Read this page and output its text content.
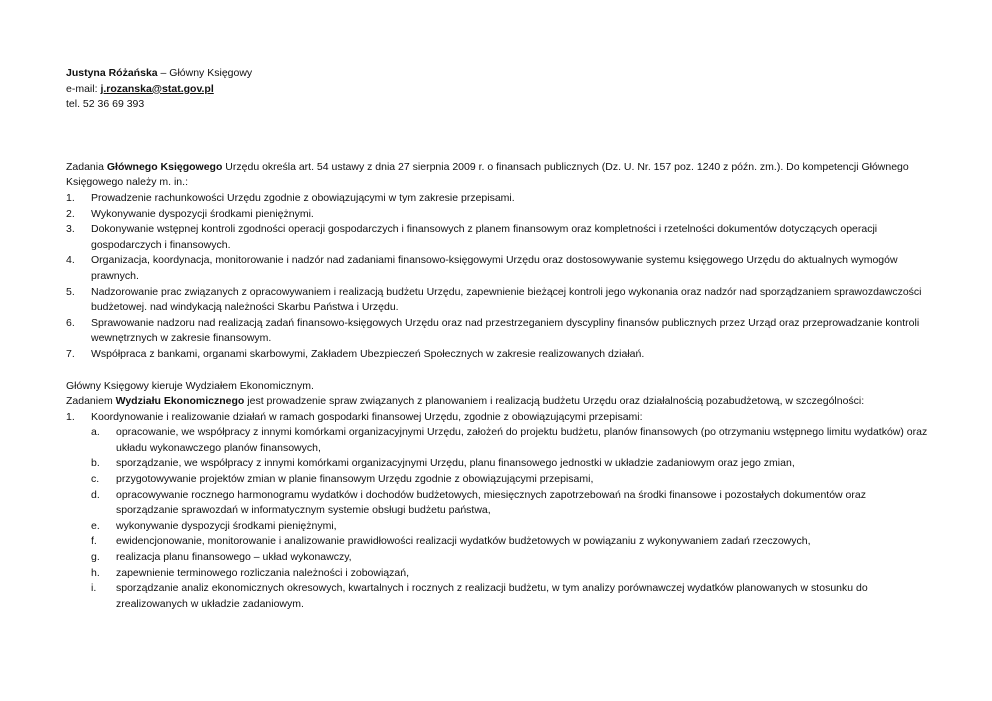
Justyna Różańska – Główny Księgowy
e-mail: j.rozanska@stat.gov.pl
tel. 52 36 69 393
Zadania Głównego Księgowego Urzędu określa art. 54 ustawy z dnia 27 sierpnia 2009 r. o finansach publicznych (Dz. U. Nr. 157 poz. 1240 z późn. zm.). Do kompetencji Głównego Księgowego należy m. in.:
1.	Prowadzenie rachunkowości Urzędu zgodnie z obowiązującymi w tym zakresie przepisami.
2.	Wykonywanie dyspozycji środkami pieniężnymi.
3.	Dokonywanie wstępnej kontroli zgodności operacji gospodarczych i finansowych z planem finansowym oraz kompletności i rzetelności dokumentów dotyczących operacji gospodarczych i finansowych.
4.	Organizacja, koordynacja, monitorowanie i nadzór nad zadaniami finansowo-księgowymi Urzędu oraz dostosowywanie systemu księgowego Urzędu do aktualnych wymogów prawnych.
5.	Nadzorowanie prac związanych z opracowywaniem i realizacją budżetu Urzędu, zapewnienie bieżącej kontroli jego wykonania oraz nadzór nad sporządzaniem sprawozdawczości budżetowej. nad windykacją należności Skarbu Państwa i Urzędu.
6.	Sprawowanie nadzoru nad realizacją zadań finansowo-księgowych Urzędu oraz nad przestrzeganiem dyscypliny finansów publicznych przez Urząd oraz przeprowadzanie kontroli wewnętrznych w zakresie finansowym.
7.	Współpraca z bankami, organami skarbowymi, Zakładem Ubezpieczeń Społecznych w zakresie realizowanych działań.
Główny Księgowy kieruje Wydziałem Ekonomicznym.
Zadaniem Wydziału Ekonomicznego jest prowadzenie spraw związanych z planowaniem i realizacją budżetu Urzędu oraz działalnością pozabudżetową, w szczególności:
1.	Koordynowanie i realizowanie działań w ramach gospodarki finansowej Urzędu, zgodnie z obowiązującymi przepisami:
a.	opracowanie, we współpracy z innymi komórkami organizacyjnymi Urzędu, założeń do projektu budżetu, planów finansowych (po otrzymaniu wstępnego limitu wydatków) oraz układu wykonawczego planów finansowych,
b.	sporządzanie, we współpracy z innymi komórkami organizacyjnymi Urzędu, planu finansowego jednostki w układzie zadaniowym oraz jego zmian,
c.	przygotowywanie projektów zmian w planie finansowym Urzędu zgodnie z obowiązującymi przepisami,
d.	opracowywanie rocznego harmonogramu wydatków i dochodów budżetowych, miesięcznych zapotrzebowań na środki finansowe i pozostałych dokumentów oraz sporządzanie sprawozdań w informatycznym systemie obsługi budżetu państwa,
e.	wykonywanie dyspozycji środkami pieniężnymi,
f.	ewidencjonowanie, monitorowanie i analizowanie prawidłowości realizacji wydatków budżetowych w powiązaniu z wykonywaniem zadań rzeczowych,
g.	realizacja planu finansowego – układ wykonawczy,
h.	zapewnienie terminowego rozliczania należności i zobowiązań,
i.	sporządzanie analiz ekonomicznych okresowych, kwartalnych i rocznych z realizacji budżetu, w tym analizy porównawczej wydatków planowanych w stosunku do zrealizowanych w układzie zadaniowym.
